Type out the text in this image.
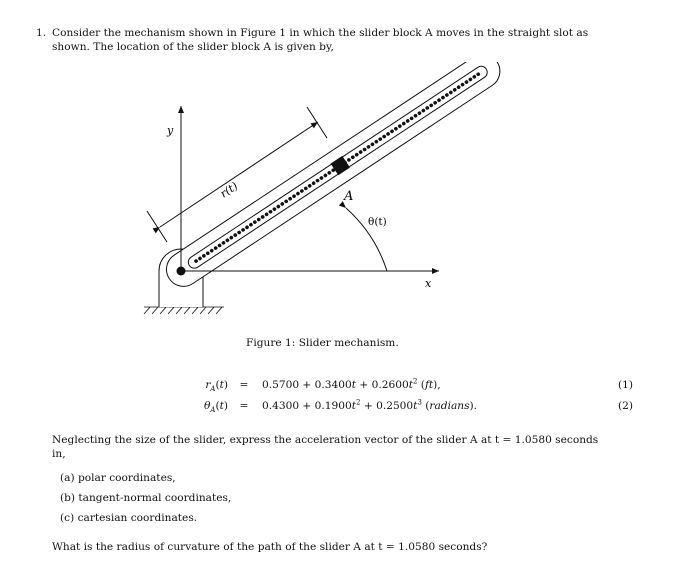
1. Consider the mechanism shown in Figure 1 in which the slider block A moves in the straight slot as
shown. The location of the slider block A is given by,
y
x
r(t)	A
θ(t)
Figure 1: Slider mechanism.
$r_A(t)$	=	$0.5700 + 0.3400t + 0.2600t^2$ (ft),	(1)
$\theta_A(t)$	=	$0.4300 + 0.1900t^2 + 0.2500t^3$ (radians).	(2)
Neglecting the size of the slider, express the acceleration vector of the slider A at t = 1.0580 seconds
in,
(a) polar coordinates,
(b) tangent-normal coordinates,
(c) cartesian coordinates.
What is the radius of curvature of the path of the slider A at t = 1.0580 seconds?
